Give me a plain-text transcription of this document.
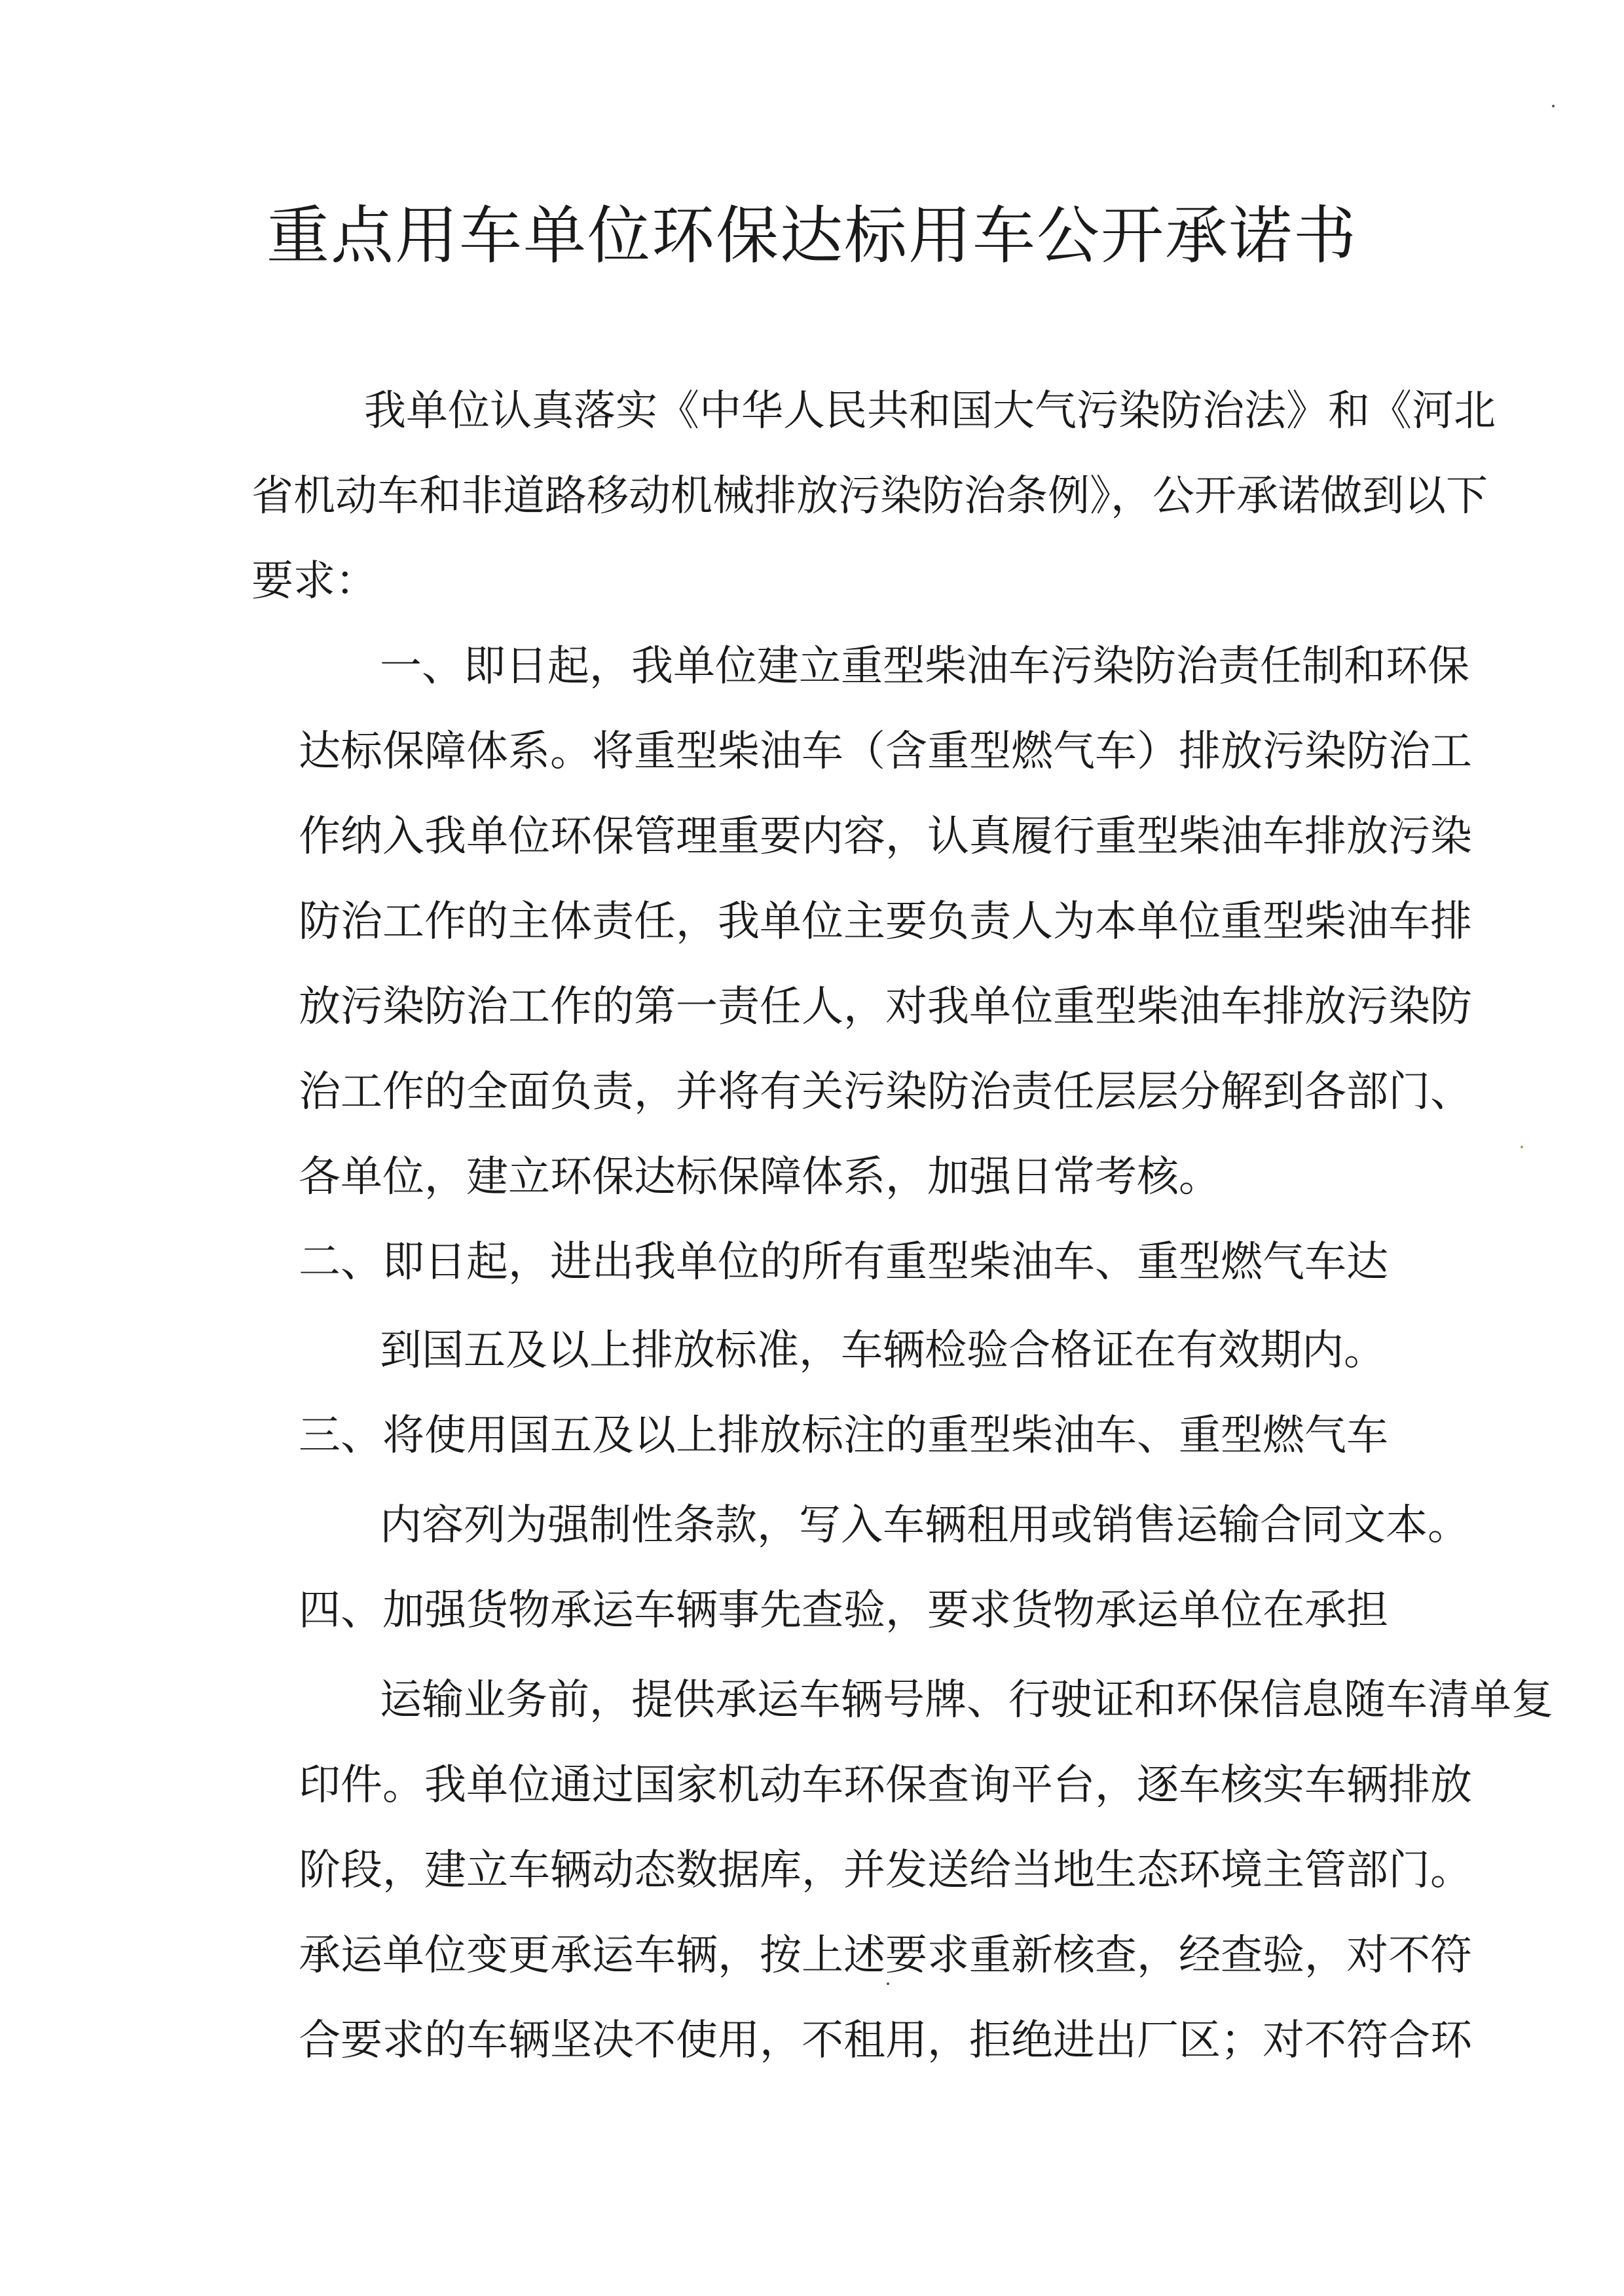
重点用车单位环保达标用车公开承诺书
我单位认真落实《中华人民共和国大气污染防治法》和《河北
省机动车和非道路移动机械排放污染防治条例》，公开承诺做到以下
要求：
一、即日起，我单位建立重型柴油车污染防治责任制和环保
达标保障体系。将重型柴油车（含重型燃气车）排放污染防治工
作纳入我单位环保管理重要内容，认真履行重型柴油车排放污染
防治工作的主体责任，我单位主要负责人为本单位重型柴油车排
放污染防治工作的第一责任人，对我单位重型柴油车排放污染防
治工作的全面负责，并将有关污染防治责任层层分解到各部门、
各单位，建立环保达标保障体系，加强日常考核。
二、即日起，进出我单位的所有重型柴油车、重型燃气车达
到国五及以上排放标准，车辆检验合格证在有效期内。
三、将使用国五及以上排放标注的重型柴油车、重型燃气车
内容列为强制性条款，写入车辆租用或销售运输合同文本。
四、加强货物承运车辆事先查验，要求货物承运单位在承担
运输业务前，提供承运车辆号牌、行驶证和环保信息随车清单复
印件。我单位通过国家机动车环保查询平台，逐车核实车辆排放
阶段，建立车辆动态数据库，并发送给当地生态环境主管部门。
承运单位变更承运车辆，按上述要求重新核查，经查验，对不符
合要求的车辆坚决不使用，不租用，拒绝进出厂区；对不符合环
